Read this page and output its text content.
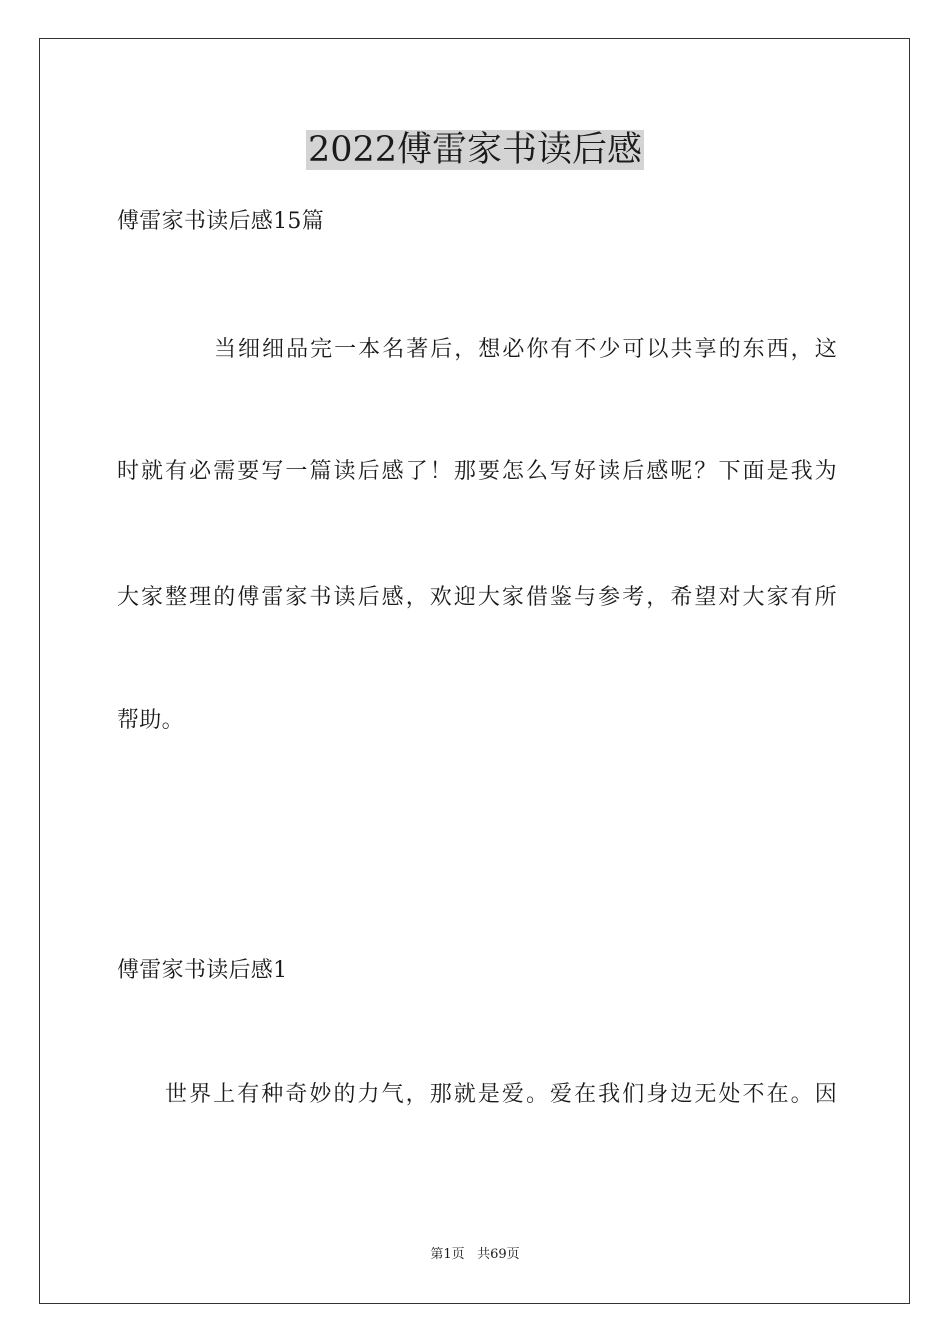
2022傅雷家书读后感

傅雷家书读后感15篇

当细细品完一本名著后，想必你有不少可以共享的东西，这

时就有必需要写一篇读后感了！那要怎么写好读后感呢？下面是我为

大家整理的傅雷家书读后感，欢迎大家借鉴与参考，希望对大家有所

帮助。

傅雷家书读后感1

世界上有种奇妙的力气，那就是爱。爱在我们身边无处不在。因

第1页 共69页
